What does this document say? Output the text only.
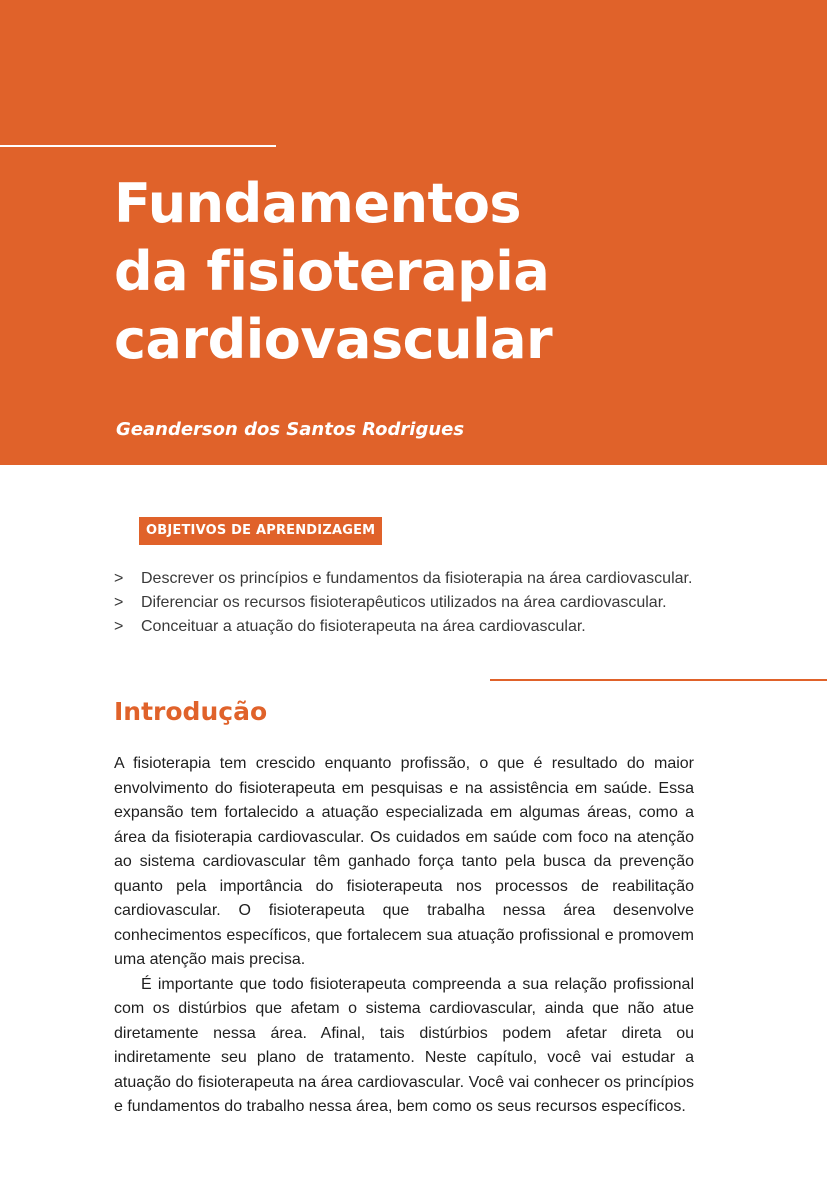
Fundamentos
da fisioterapia
cardiovascular

Geanderson dos Santos Rodrigues

OBJETIVOS DE APRENDIZAGEM
> Descrever os princípios e fundamentos da fisioterapia na área cardiovascular.
> Diferenciar os recursos fisioterapêuticos utilizados na área cardiovascular.
> Conceituar a atuação do fisioterapeuta na área cardiovascular.
Introdução

A fisioterapia tem crescido enquanto profissão, o que é resultado do maior envolvimento do fisioterapeuta em pesquisas e na assistência em saúde. Essa expansão tem fortalecido a atuação especializada em algumas áreas, como a área da fisioterapia cardiovascular. Os cuidados em saúde com foco na atenção ao sistema cardiovascular têm ganhado força tanto pela busca da prevenção quanto pela importância do fisioterapeuta nos processos de reabilitação cardiovascular. O fisioterapeuta que trabalha nessa área desenvolve conhecimentos específicos, que fortalecem sua atuação profissional e promovem uma atenção mais precisa.

É importante que todo fisioterapeuta compreenda a sua relação profissional com os distúrbios que afetam o sistema cardiovascular, ainda que não atue diretamente nessa área. Afinal, tais distúrbios podem afetar direta ou indiretamente seu plano de tratamento. Neste capítulo, você vai estudar a atuação do fisioterapeuta na área cardiovascular. Você vai conhecer os princípios e fundamentos do trabalho nessa área, bem como os seus recursos específicos.
